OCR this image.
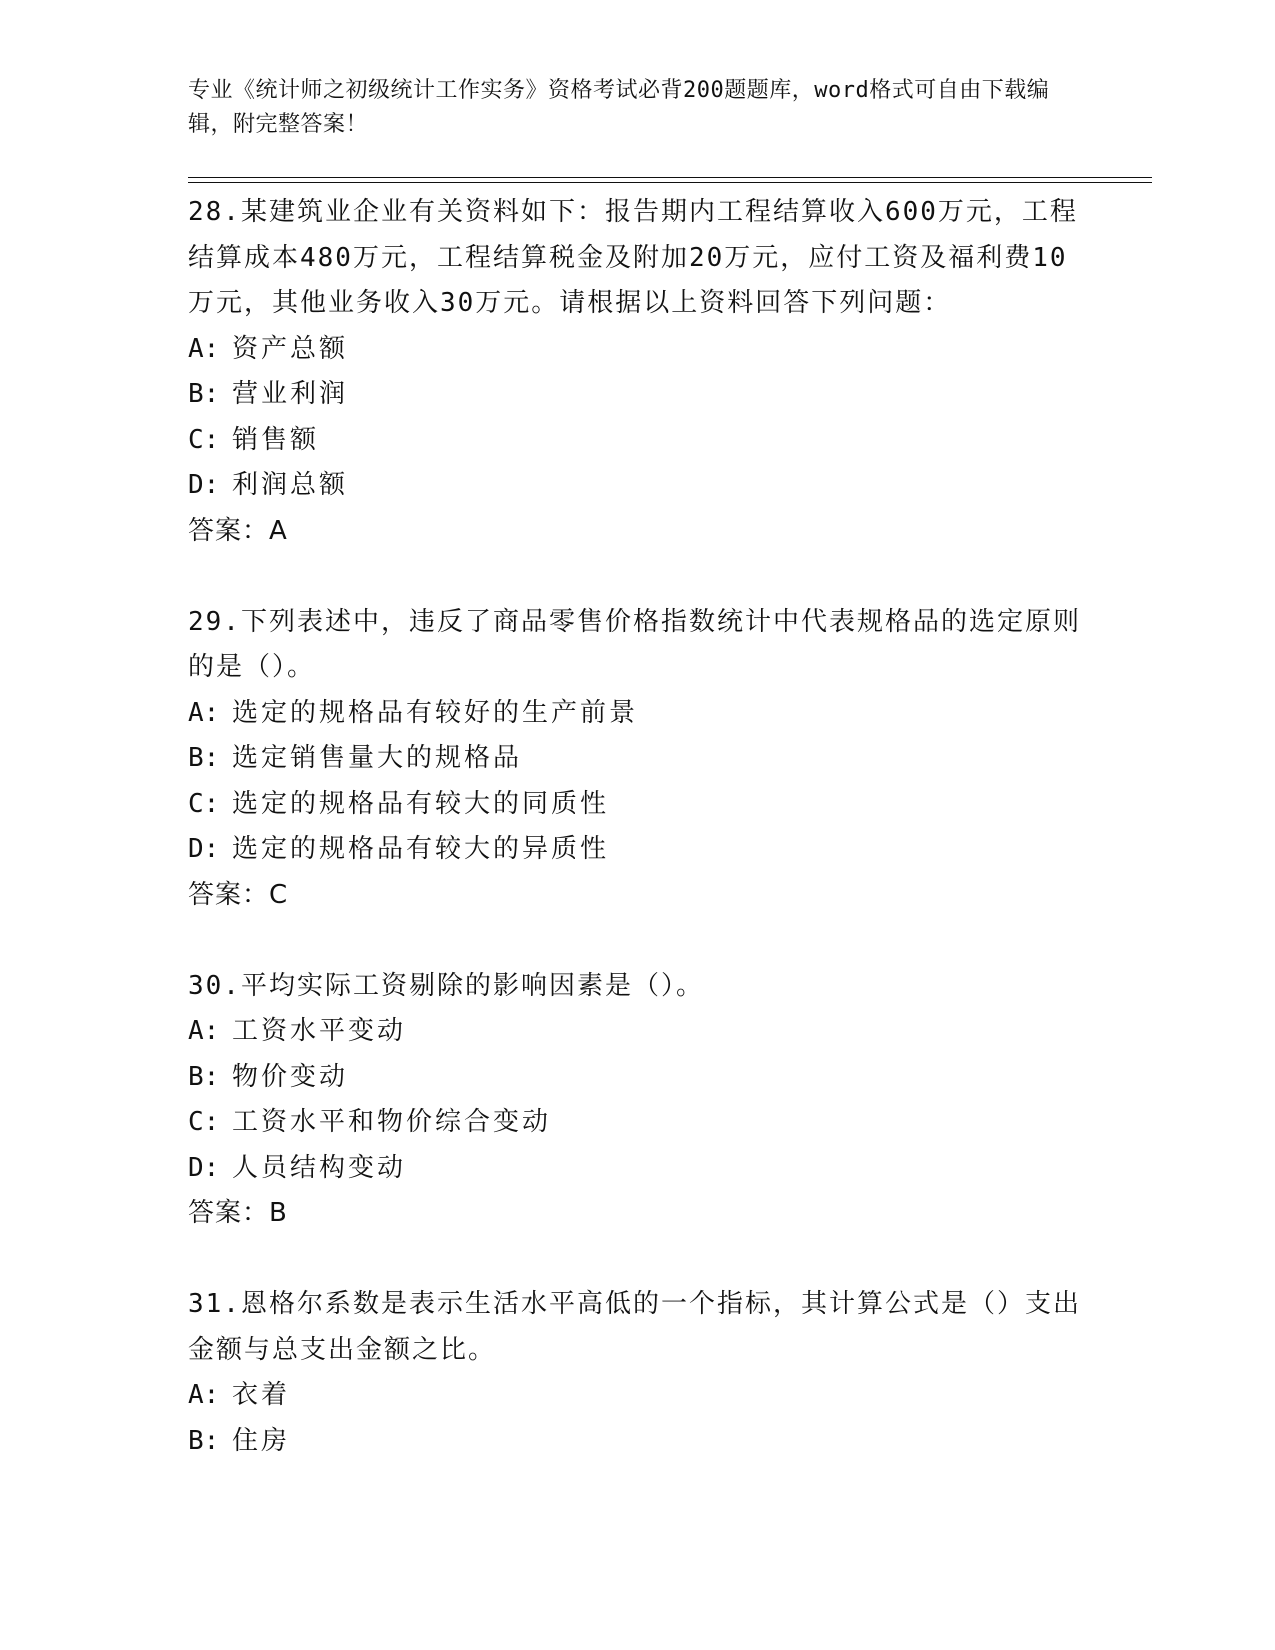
专业《统计师之初级统计工作实务》资格考试必背200题题库，word格式可自由下载编辑，附完整答案！

28.某建筑业企业有关资料如下：报告期内工程结算收入600万元，工程结算成本480万元，工程结算税金及附加20万元，应付工资及福利费10万元，其他业务收入30万元。请根据以上资料回答下列问题：

A: 资产总额

B: 营业利润

C: 销售额

D: 利润总额

答案：A

29.下列表述中，违反了商品零售价格指数统计中代表规格品的选定原则的是（）。

A: 选定的规格品有较好的生产前景

B: 选定销售量大的规格品

C: 选定的规格品有较大的同质性

D: 选定的规格品有较大的异质性

答案：C

30.平均实际工资剔除的影响因素是（）。

A: 工资水平变动

B: 物价变动

C: 工资水平和物价综合变动

D: 人员结构变动

答案：B

31.恩格尔系数是表示生活水平高低的一个指标，其计算公式是（）支出金额与总支出金额之比。

A: 衣着

B: 住房
